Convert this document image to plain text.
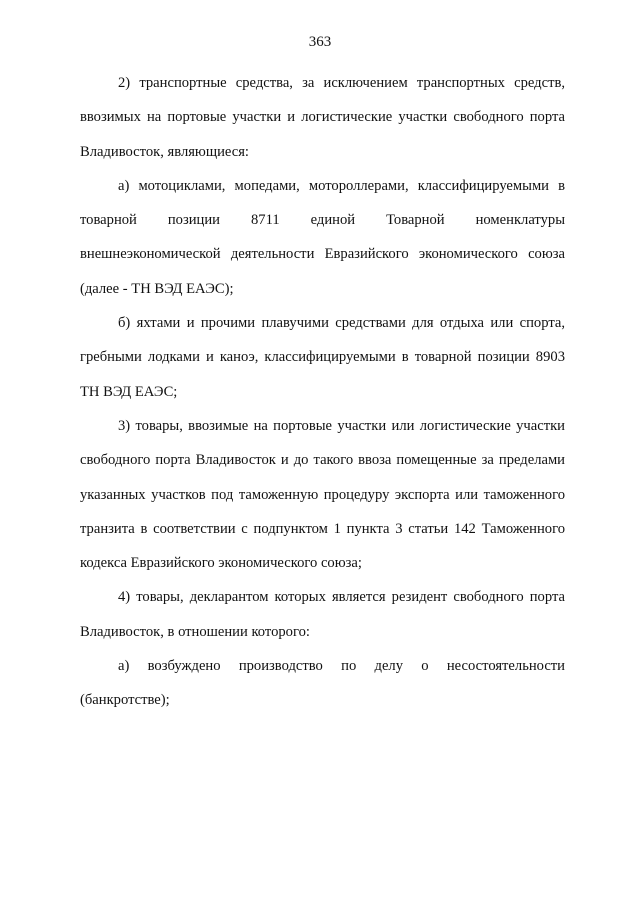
363

2) транспортные средства, за исключением транспортных средств, ввозимых на портовые участки и логистические участки свободного порта Владивосток, являющиеся:

а) мотоциклами, мопедами, мотороллерами, классифицируемыми в товарной позиции 8711 единой Товарной номенклатуры внешнеэкономической деятельности Евразийского экономического союза (далее - ТН ВЭД ЕАЭС);

б) яхтами и прочими плавучими средствами для отдыха или спорта, гребными лодками и каноэ, классифицируемыми в товарной позиции 8903 ТН ВЭД ЕАЭС;

3) товары, ввозимые на портовые участки или логистические участки свободного порта Владивосток и до такого ввоза помещенные за пределами указанных участков под таможенную процедуру экспорта или таможенного транзита в соответствии с подпунктом 1 пункта 3 статьи 142 Таможенного кодекса Евразийского экономического союза;

4) товары, декларантом которых является резидент свободного порта Владивосток, в отношении которого:

а) возбуждено производство по делу о несостоятельности (банкротстве);
